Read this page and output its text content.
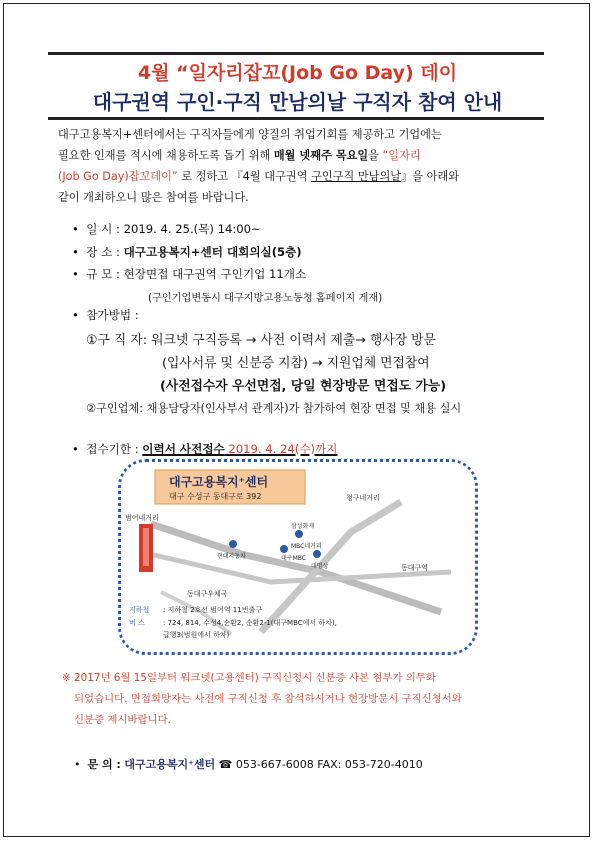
4월 “일자리잡꼬(Job Go Day) 데이
대구권역 구인·구직 만남의날 구직자 참여 안내
대구고용복지+센터에서는 구직자들에게 양질의 취업기회를 제공하고 기업에는
필요한 인재를 적시에 채용하도록 돕기 위해 매월 넷째주 목요일을 “일자리
(Job Go Day)잡꼬데이” 로 정하고 『4월 대구권역 구인구직 만남의날』을 아래와
같이 개최하오니 많은 참여를 바랍니다.
• 일 시 : 2019. 4. 25.(목) 14:00~
• 장 소 : 대구고용복지+센터 대회의실(5층)
• 규 모 : 현장면접 대구권역 구인기업 11개소
(구인기업변동시 대구지방고용노동청 홈페이지 게재)
• 참가방법 :
①구 직 자: 워크넷 구직등록 → 사전 이력서 제출→ 행사장 방문
(입사서류 및 신분증 지참) → 지원업체 면접참여
(사전접수자 우선면접, 당일 현장방문 면접도 가능)
②구인업체: 채용담당자(인사부서 관계자)가 참가하여 현장 면접 및 채용 실시
• 접수기한 : 이력서 사전접수 2019. 4. 24(수)까지
대구고용복지⁺센터
대구 수성구 동대구로 392
범어네거리
청구네거리
삼성화재
현대자동차
MBC네거리
대구MBC
대명상	동대구역
동대구우체국
지하철 : 지하철 2호선 범어역 11번출구
버 스	: 724, 814, 수성4,순환2, 순환2-1(대구MBC에서 하차),
급행3(범원에서 하차)
※ 2017년 6월 15일부터 워크넷(고용센터) 구직신청시 신분증 사본 첨부가 의무화
되었습니다. 면접희망자는 사전에 구직신청 후 참석하시거나 현장방문시 구직신청서와
신분증 제시바랍니다.
• 문 의 : 대구고용복지⁺센터 ☎ 053-667-6008 FAX: 053-720-4010
